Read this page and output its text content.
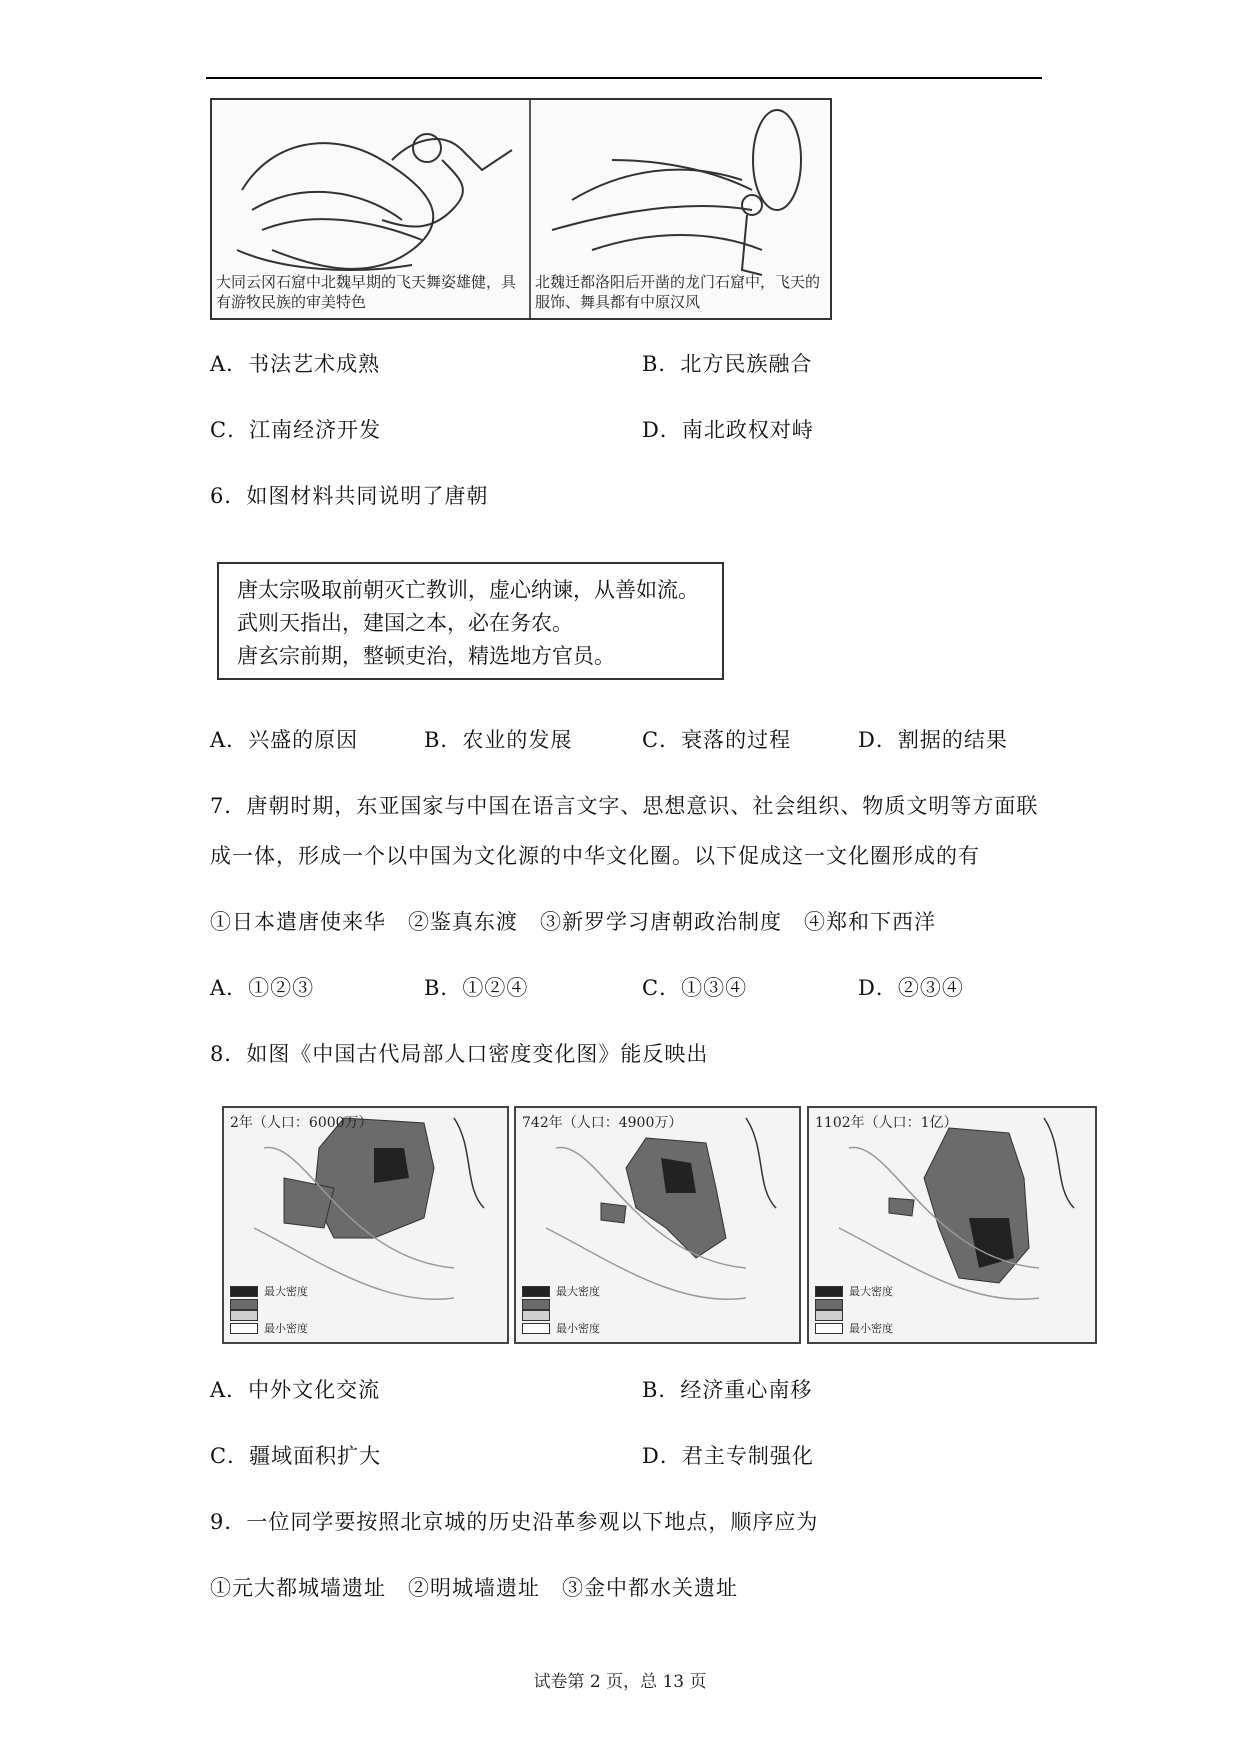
大同云冈石窟中北魏早期的飞天舞姿雄健，具有游牧民族的审美特色
北魏迁都洛阳后开凿的龙门石窟中，飞天的服饰、舞具都有中原汉风
A．书法艺术成熟	B．北方民族融合
C．江南经济开发	D．南北政权对峙
6．如图材料共同说明了唐朝
唐太宗吸取前朝灭亡教训，虚心纳谏，从善如流。
武则天指出，建国之本，必在务农。
唐玄宗前期，整顿吏治，精选地方官员。
A．兴盛的原因	B．农业的发展	C．衰落的过程	D．割据的结果
7．唐朝时期，东亚国家与中国在语言文字、思想意识、社会组织、物质文明等方面联
成一体，形成一个以中国为文化源的中华文化圈。以下促成这一文化圈形成的有
①日本遣唐使来华　②鉴真东渡　③新罗学习唐朝政治制度　④郑和下西洋
A．①②③	B．①②④	C．①③④	D．②③④
8．如图《中国古代局部人口密度变化图》能反映出
2年（人口：6000万）
最大密度
最小密度
742年（人口：4900万）
最大密度
最小密度
1102年（人口：1亿）
最大密度
最小密度
A．中外文化交流	B．经济重心南移
C．疆域面积扩大	D．君主专制强化
9．一位同学要按照北京城的历史沿革参观以下地点，顺序应为
①元大都城墙遗址　②明城墙遗址　③金中都水关遗址
试卷第 2 页，总 13 页
